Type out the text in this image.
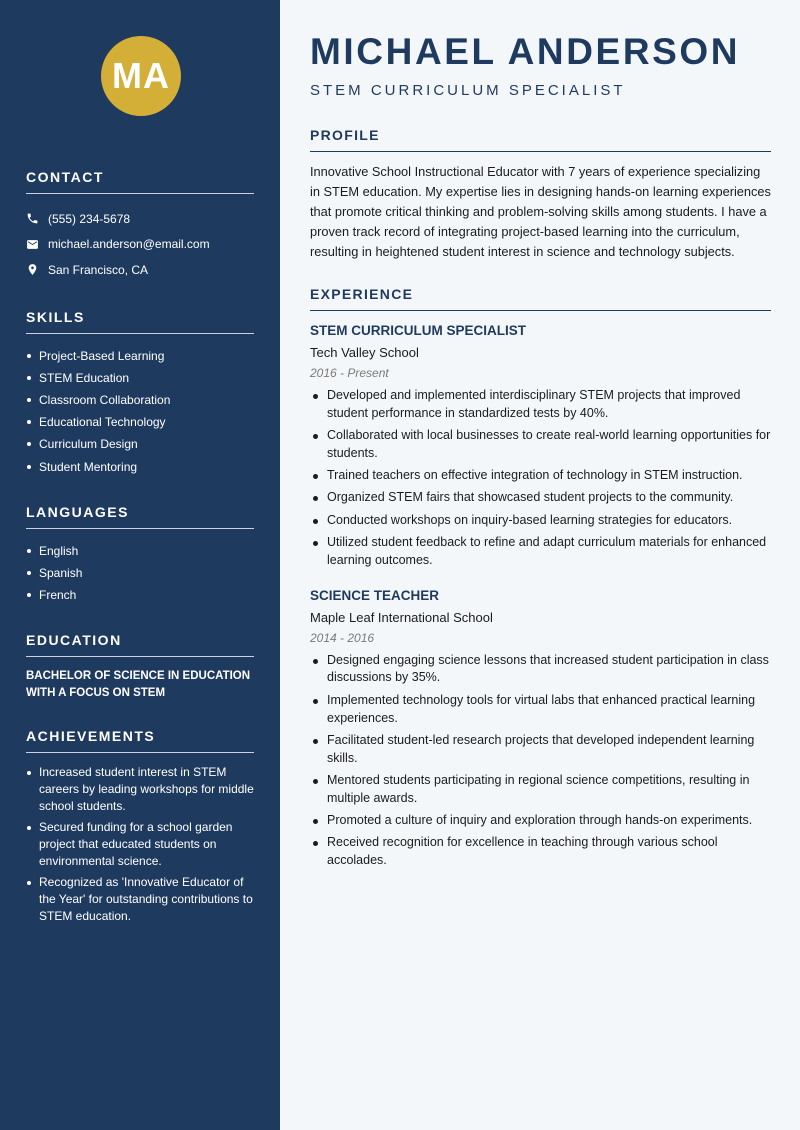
MA
CONTACT
(555) 234-5678
michael.anderson@email.com
San Francisco, CA
SKILLS
Project-Based Learning
STEM Education
Classroom Collaboration
Educational Technology
Curriculum Design
Student Mentoring
LANGUAGES
English
Spanish
French
EDUCATION
BACHELOR OF SCIENCE IN EDUCATION WITH A FOCUS ON STEM
ACHIEVEMENTS
Increased student interest in STEM careers by leading workshops for middle school students.
Secured funding for a school garden project that educated students on environmental science.
Recognized as 'Innovative Educator of the Year' for outstanding contributions to STEM education.
MICHAEL ANDERSON
STEM CURRICULUM SPECIALIST
PROFILE

Innovative School Instructional Educator with 7 years of experience specializing in STEM education. My expertise lies in designing hands-on learning experiences that promote critical thinking and problem-solving skills among students. I have a proven track record of integrating project-based learning into the curriculum, resulting in heightened student interest in science and technology subjects.

EXPERIENCE
STEM CURRICULUM SPECIALIST
Tech Valley School
2016 - Present
Developed and implemented interdisciplinary STEM projects that improved student performance in standardized tests by 40%.
Collaborated with local businesses to create real-world learning opportunities for students.
Trained teachers on effective integration of technology in STEM instruction.
Organized STEM fairs that showcased student projects to the community.
Conducted workshops on inquiry-based learning strategies for educators.
Utilized student feedback to refine and adapt curriculum materials for enhanced learning outcomes.
SCIENCE TEACHER
Maple Leaf International School
2014 - 2016
Designed engaging science lessons that increased student participation in class discussions by 35%.
Implemented technology tools for virtual labs that enhanced practical learning experiences.
Facilitated student-led research projects that developed independent learning skills.
Mentored students participating in regional science competitions, resulting in multiple awards.
Promoted a culture of inquiry and exploration through hands-on experiments.
Received recognition for excellence in teaching through various school accolades.
